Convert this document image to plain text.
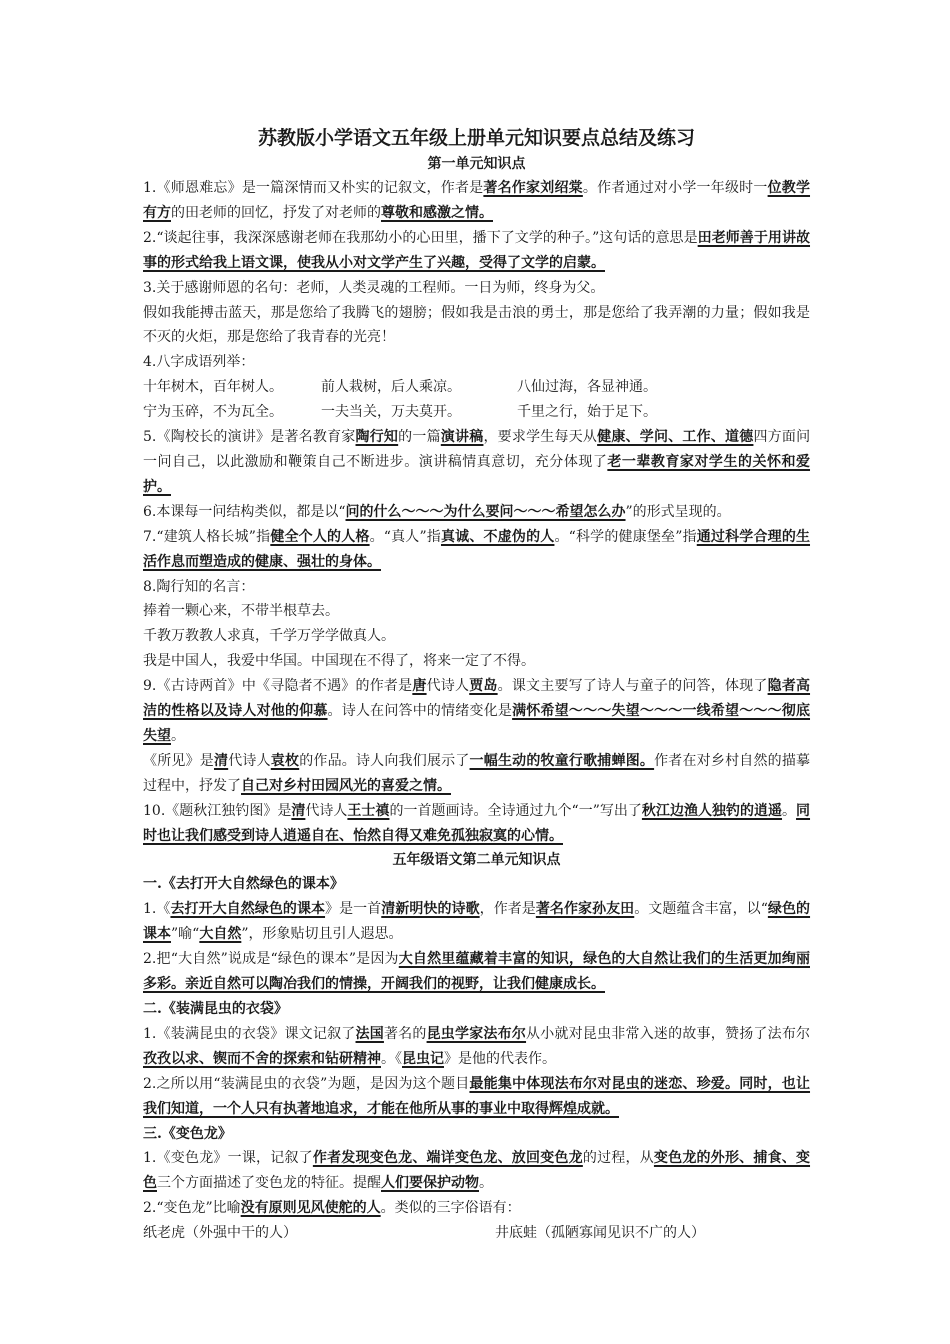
苏教版小学语文五年级上册单元知识要点总结及练习
第一单元知识点

1.《师恩难忘》是一篇深情而又朴实的记叙文，作者是著名作家刘绍棠。作者通过对小学一年级时一位教学有方的田老师的回忆，抒发了对老师的尊敬和感激之情。

2.“谈起往事，我深深感谢老师在我那幼小的心田里，播下了文学的种子。”这句话的意思是田老师善于用讲故事的形式给我上语文课，使我从小对文学产生了兴趣，受得了文学的启蒙。

3.关于感谢师恩的名句：老师，人类灵魂的工程师。一日为师，终身为父。

假如我能搏击蓝天，那是您给了我腾飞的翅膀；假如我是击浪的勇士，那是您给了我弄潮的力量；假如我是不灭的火炬，那是您给了我青春的光亮！

4.八字成语列举：

十年树木，百年树人。	前人栽树，后人乘凉。	八仙过海，各显神通。
宁为玉碎，不为瓦全。	一夫当关，万夫莫开。	千里之行，始于足下。

5.《陶校长的演讲》是著名教育家陶行知的一篇演讲稿，要求学生每天从健康、学问、工作、道德四方面问一问自己，以此激励和鞭策自己不断进步。演讲稿情真意切，充分体现了老一辈教育家对学生的关怀和爱护。

6.本课每一问结构类似，都是以“问的什么～～～为什么要问～～～希望怎么办”的形式呈现的。

7.“建筑人格长城”指健全个人的人格。“真人”指真诚、不虚伪的人。“科学的健康堡垒”指通过科学合理的生活作息而塑造成的健康、强壮的身体。

8.陶行知的名言：

捧着一颗心来，不带半根草去。

千教万教教人求真，千学万学学做真人。

我是中国人，我爱中华国。中国现在不得了，将来一定了不得。

9.《古诗两首》中《寻隐者不遇》的作者是唐代诗人贾岛。课文主要写了诗人与童子的问答，体现了隐者高洁的性格以及诗人对他的仰慕。诗人在问答中的情绪变化是满怀希望～～～失望～～～一线希望～～～彻底失望。

《所见》是清代诗人袁枚的作品。诗人向我们展示了一幅生动的牧童行歌捕蝉图。作者在对乡村自然的描摹过程中，抒发了自己对乡村田园风光的喜爱之情。

10.《题秋江独钓图》是清代诗人王士禛的一首题画诗。全诗通过九个“一”写出了秋江边渔人独钓的逍遥。同时也让我们感受到诗人逍遥自在、怡然自得又难免孤独寂寞的心情。

五年级语文第二单元知识点

一.《去打开大自然绿色的课本》

1.《去打开大自然绿色的课本》是一首清新明快的诗歌，作者是著名作家孙友田。文题蕴含丰富，以“绿色的课本”喻“大自然”，形象贴切且引人遐思。

2.把“大自然”说成是“绿色的课本”是因为大自然里蕴藏着丰富的知识，绿色的大自然让我们的生活更加绚丽多彩。亲近自然可以陶冶我们的情操，开阔我们的视野，让我们健康成长。

二.《装满昆虫的衣袋》

1.《装满昆虫的衣袋》课文记叙了法国著名的昆虫学家法布尔从小就对昆虫非常入迷的故事，赞扬了法布尔孜孜以求、锲而不舍的探索和钻研精神。《昆虫记》是他的代表作。

2.之所以用“装满昆虫的衣袋”为题，是因为这个题目最能集中体现法布尔对昆虫的迷恋、珍爱。同时，也让我们知道，一个人只有执著地追求，才能在他所从事的事业中取得辉煌成就。

三.《变色龙》

1.《变色龙》一课，记叙了作者发现变色龙、端详变色龙、放回变色龙的过程，从变色龙的外形、捕食、变色三个方面描述了变色龙的特征。提醒人们要保护动物。

2.“变色龙”比喻没有原则见风使舵的人。类似的三字俗语有：

纸老虎（外强中干的人）	井底蛙（孤陋寡闻见识不广的人）
